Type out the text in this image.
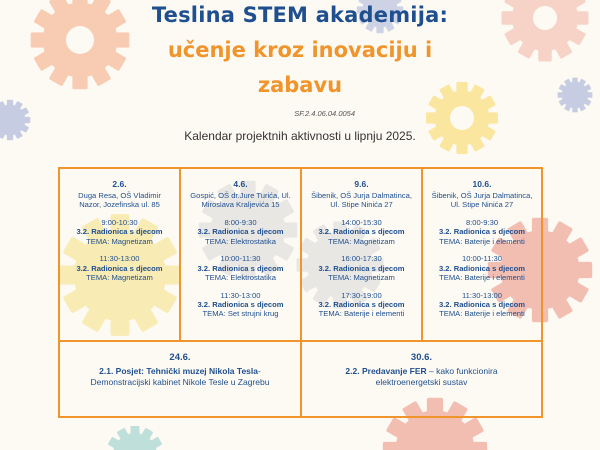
Teslina STEM akademija:
učenje kroz inovaciju i
zabavu
SF.2.4.06.04.0054
Kalendar projektnih aktivnosti u lipnju 2025.
2.6.
Duga Resa, OŠ Vladimir Nazor, Jozefinska ul. 85
9:00-10:30
3.2. Radionica s djecom
TEMA: Magnetizam
11:30-13:00
3.2. Radionica s djecom
TEMA: Magnetizam
4.6.
Gospić, OŠ dr.Jure Turića, Ul. Miroslava Kraljevića 15
8:00-9:30
3.2. Radionica s djecom
TEMA: Elektrostatika
10:00-11:30
3.2. Radionica s djecom
TEMA: Elektrostatika
11:30-13:00
3.2. Radionica s djecom
TEMA: Set strujni krug
9.6.
Šibenik, OŠ Jurja Dalmatinca, Ul. Stipe Ninića 27
14:00-15:30
3.2. Radionica s djecom
TEMA: Magnetizam
16:00-17:30
3.2. Radionica s djecom
TEMA: Magnetizam
17:30-19:00
3.2. Radionica s djecom
TEMA: Baterije i elementi
10.6.
Šibenik, OŠ Jurja Dalmatinca, Ul. Stipe Ninića 27
8:00-9:30
3.2. Radionica s djecom
TEMA: Baterije i elementi
10:00-11:30
3.2. Radionica s djecom
TEMA: Baterije i elementi
11:30-13:00
3.2. Radionica s djecom
TEMA: Baterije i elementi
24.6.
2.1. Posjet: Tehnički muzej Nikola Tesla- Demonstracijski kabinet Nikole Tesle u Zagrebu
30.6.
2.2. Predavanje FER – kako funkcionira elektroenergetski sustav
